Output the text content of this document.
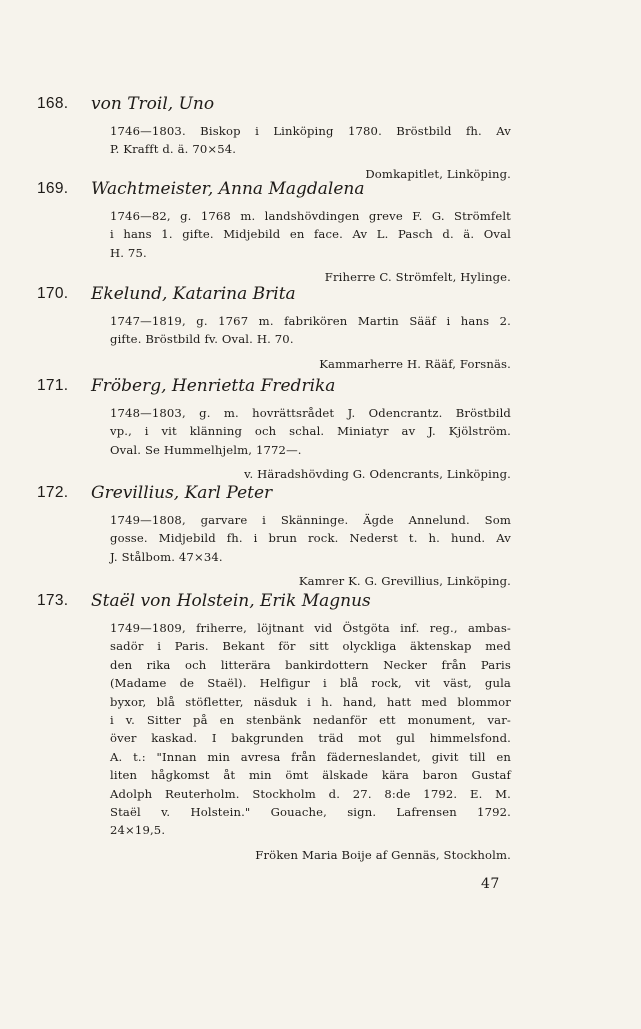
168. von Troil, Uno
1746—1803. Biskop i Linköping 1780. Bröstbild fh. Av
P. Krafft d. ä. 70×54.
Domkapitlet, Linköping.
169. Wachtmeister, Anna Magdalena
1746—82, g. 1768 m. landshövdingen greve F. G. Strömfelt
i hans 1. gifte. Midjebild en face. Av L. Pasch d. ä. Oval
H. 75.
Friherre C. Strömfelt, Hylinge.
170. Ekelund, Katarina Brita
1747—1819, g. 1767 m. fabrikören Martin Sääf i hans 2.
gifte. Bröstbild fv. Oval. H. 70.
Kammarherre H. Rääf, Forsnäs.
171. Fröberg, Henrietta Fredrika
1748—1803, g. m. hovrättsrådet J. Odencrantz. Bröstbild
vp., i vit klänning och schal. Miniatyr av J. Kjölström.
Oval. Se Hummelhjelm, 1772—.
v. Häradshövding G. Odencrants, Linköping.
172. Grevillius, Karl Peter
1749—1808, garvare i Skänninge. Ägde Annelund. Som
gosse. Midjebild fh. i brun rock. Nederst t. h. hund. Av
J. Stålbom. 47×34.
Kamrer K. G. Grevillius, Linköping.
173. Staël von Holstein, Erik Magnus
1749—1809, friherre, löjtnant vid Östgöta inf. reg., ambas-
sadör i Paris. Bekant för sitt olyckliga äktenskap med
den rika och litterära bankirdottern Necker från Paris
(Madame de Staël). Helfigur i blå rock, vit väst, gula
byxor, blå stöfletter, näsduk i h. hand, hatt med blommor
i v. Sitter på en stenbänk nedanför ett monument, var-
över kaskad. I bakgrunden träd mot gul himmelsfond.
A. t.: "Innan min avresa från fäderneslandet, givit till en
liten hågkomst åt min ömt älskade kära baron Gustaf
Adolph Reuterholm. Stockholm d. 27. 8:de 1792. E. M.
Staël v. Holstein." Gouache, sign. Lafrensen 1792.
24×19,5.
Fröken Maria Boije af Gennäs, Stockholm.
47
